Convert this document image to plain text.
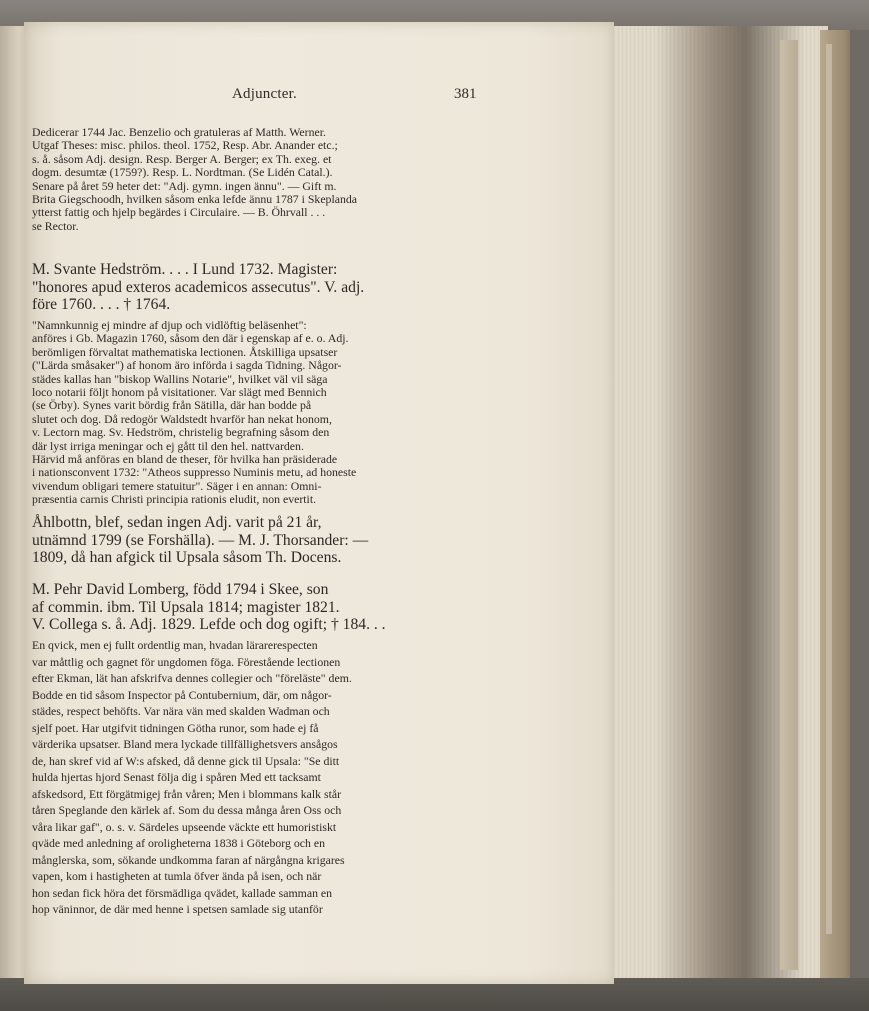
Adjuncter.	381
Dedicerar 1744 Jac. Benzelio och gratuleras af Matth. Werner.
Utgaf Theses: misc. philos. theol. 1752, Resp. Abr. Anander etc.;
s. å. såsom Adj. design. Resp. Berger A. Berger; ex Th. exeg. et
dogm. desumtæ (1759?). Resp. L. Nordtman. (Se Lidén Catal.).
Senare på året 59 heter det: "Adj. gymn. ingen ännu". — Gift m.
Brita Giegschoodh, hvilken såsom enka lefde ännu 1787 i Skeplanda
ytterst fattig och hjelp begärdes i Circulaire. — B. Öhrvall . . .
se Rector.
M. Svante Hedström. . . . I Lund 1732. Magister:
"honores apud exteros academicos assecutus". V. adj.
före 1760. . . . † 1764.
"Namnkunnig ej mindre af djup och vidlöftig beläsenhet":
anföres i Gb. Magazin 1760, såsom den där i egenskap af e. o. Adj.
berömligen förvaltat mathematiska lectionen. Åtskilliga upsatser
("Lärda småsaker") af honom äro införda i sagda Tidning. Någor-
städes kallas han "biskop Wallins Notarie", hvilket väl vil säga
loco notarii följt honom på visitationer. Var slägt med Bennich
(se Örby). Synes varit bördig från Sätilla, där han bodde på
slutet och dog. Då redogör Waldstedt hvarför han nekat honom,
v. Lectorn mag. Sv. Hedström, christelig begrafning såsom den
där lyst irriga meningar och ej gått til den hel. nattvarden.
Härvid må anföras en bland de theser, för hvilka han präsiderade
i nationsconvent 1732: "Atheos suppresso Numinis metu, ad honeste
vivendum obligari temere statuitur". Säger i en annan: Omni-
præsentia carnis Christi principia rationis eludit, non evertit.
Åhlbottn, blef, sedan ingen Adj. varit på 21 år,
utnämnd 1799 (se Forshälla). — M. J. Thorsander: —
1809, då han afgick til Upsala såsom Th. Docens.
M. Pehr David Lomberg, född 1794 i Skee, son
af commin. ibm. Til Upsala 1814; magister 1821.
V. Collega s. å. Adj. 1829. Lefde och dog ogift; † 184. . .
En qvick, men ej fullt ordentlig man, hvadan lärarerespecten
var måttlig och gagnet för ungdomen föga. Förestående lectionen
efter Ekman, lät han afskrifva dennes collegier och "föreläste" dem.
Bodde en tid såsom Inspector på Contubernium, där, om någor-
städes, respect behöfts. Var nära vän med skalden Wadman och
sjelf poet. Har utgifvit tidningen Götha runor, som hade ej få
värderika upsatser. Bland mera lyckade tillfällighetsvers ansågos
de, han skref vid af W:s afsked, då denne gick til Upsala: "Se ditt
huldа hjertas hjord Senast följa dig i spåren Med ett tacksamt
afskedsord, Ett förgätmigej från våren; Men i blommans kalk står
tåren Speglande den kärlek af. Som du dessa många åren Oss och
våra likar gaf", o. s. v. Särdeles upseende väckte ett humoristiskt
qväde med anledning af oroligheterna 1838 i Göteborg och en
månglerska, som, sökande undkomma faran af närgångna krigares
vapen, kom i hastigheten at tumla öfver ända på isen, och när
hon sedan fick höra det försmädliga qvädet, kallade samman en
hop väninnor, de där med henne i spetsen samlade sig utanför
